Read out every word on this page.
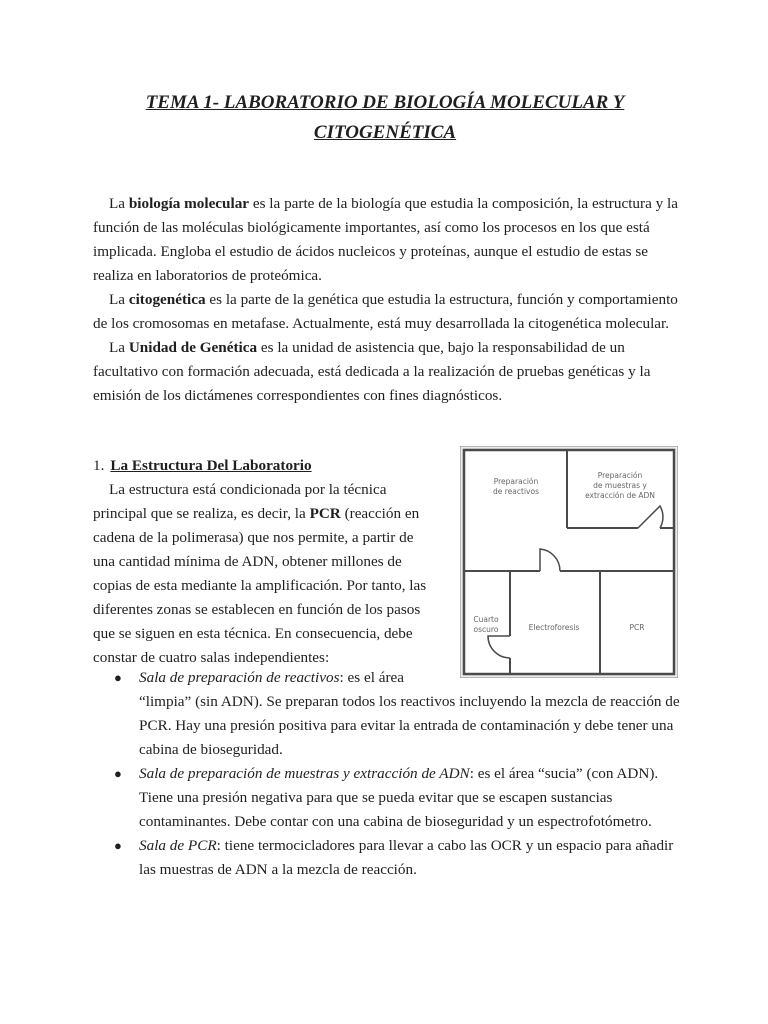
TEMA 1- LABORATORIO DE BIOLOGÍA MOLECULAR Y
CITOGENÉTICA

La biología molecular es la parte de la biología que estudia la composición, la estructura y la función de las moléculas biológicamente importantes, así como los procesos en los que está implicada. Engloba el estudio de ácidos nucleicos y proteínas, aunque el estudio de estas se realiza en laboratorios de proteómica.

La citogenética es la parte de la genética que estudia la estructura, función y comportamiento de los cromosomas en metafase. Actualmente, está muy desarrollada la citogenética molecular.

La Unidad de Genética es la unidad de asistencia que, bajo la responsabilidad de un facultativo con formación adecuada, está dedicada a la realización de pruebas genéticas y la emisión de los dictámenes correspondientes con fines diagnósticos.

1. La Estructura Del Laboratorio

La estructura está condicionada por la técnica principal que se realiza, es decir, la PCR (reacción en cadena de la polimerasa) que nos permite, a partir de una cantidad mínima de ADN, obtener millones de copias de esta mediante la amplificación. Por tanto, las diferentes zonas se establecen en función de los pasos que se siguen en esta técnica. En consecuencia, debe constar de cuatro salas independientes:

● Sala de preparación de reactivos: es el área
“limpia” (sin ADN). Se preparan todos los reactivos incluyendo la mezcla de reacción de PCR. Hay una presión positiva para evitar la entrada de contaminación y debe tener una cabina de bioseguridad.
● Sala de preparación de muestras y extracción de ADN: es el área “sucia” (con ADN). Tiene una presión negativa para que se pueda evitar que se escapen sustancias contaminantes. Debe contar con una cabina de bioseguridad y un espectrofotómetro.
● Sala de PCR: tiene termocicladores para llevar a cabo las OCR y un espacio para añadir las muestras de ADN a la mezcla de reacción.
Preparación
de reactivos
Preparación
de muestras y
extracción de ADN
Cuarto
oscuro	Electroforesis	PCR
